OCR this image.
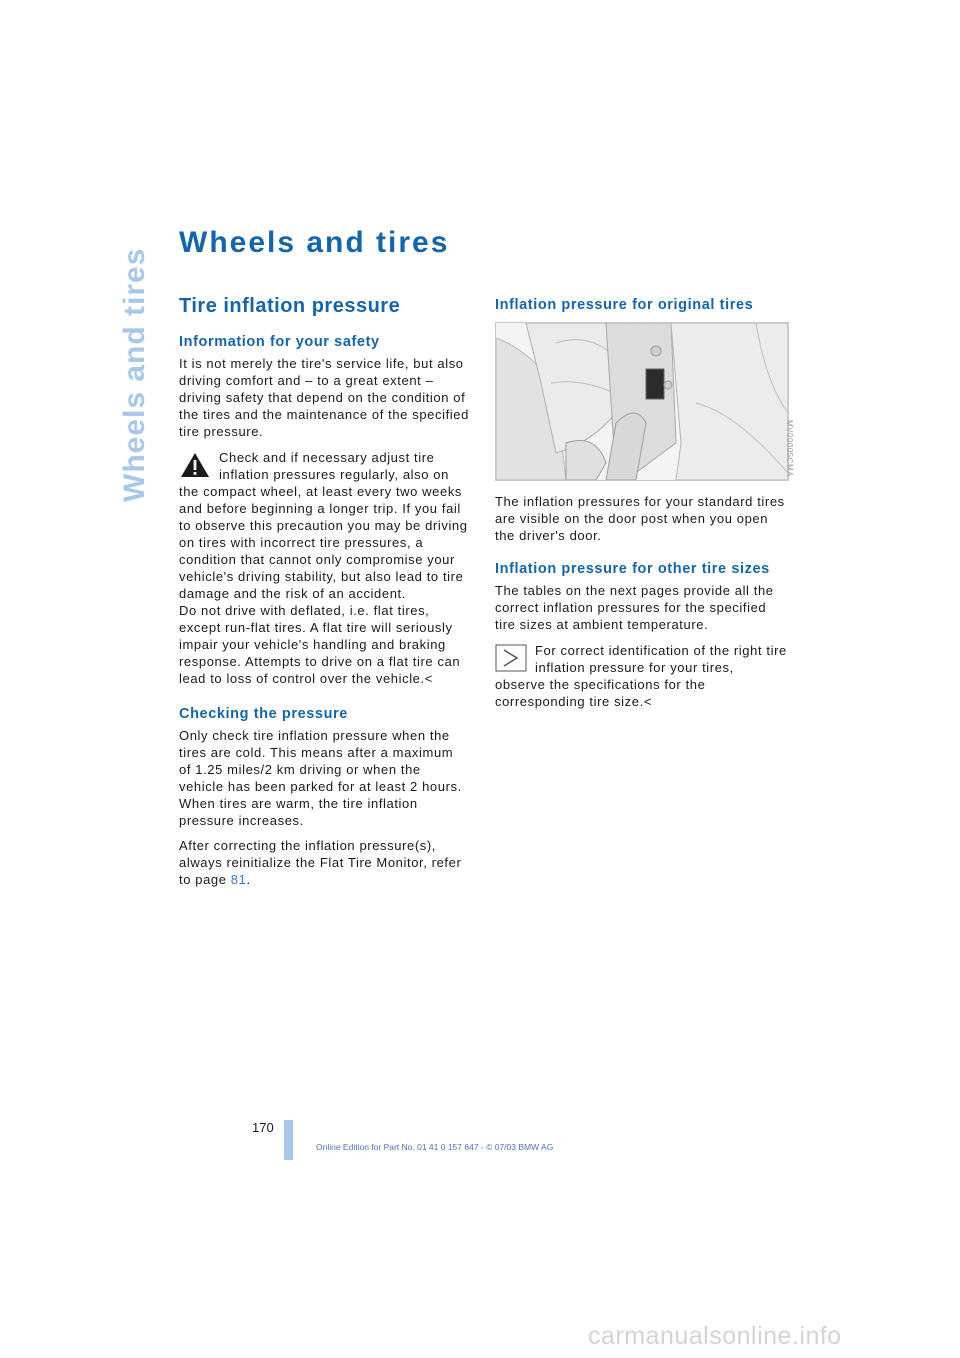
Wheels and tires
Wheels and tires
Tire inflation pressure
Information for your safety

It is not merely the tire's service life, but also driving comfort and – to a great extent – driving safety that depend on the condition of the tires and the maintenance of the specified tire pressure.

Check and if necessary adjust tire inflation pressures regularly, also on the compact wheel, at least every two weeks and before beginning a longer trip. If you fail to observe this precaution you may be driving on tires with incorrect tire pressures, a condition that cannot only compromise your vehicle's driving stability, but also lead to tire damage and the risk of an accident.

Do not drive with deflated, i.e. flat tires, except run-flat tires. A flat tire will seriously impair your vehicle's handling and braking response. Attempts to drive on a flat tire can lead to loss of control over the vehicle.<

Checking the pressure

Only check tire inflation pressure when the tires are cold. This means after a maximum of 1.25 miles/2 km driving or when the vehicle has been parked for at least 2 hours. When tires are warm, the tire inflation pressure increases.

After correcting the inflation pressure(s), always reinitialize the Flat Tire Monitor, refer to page 81.

Inflation pressure for original tires

The inflation pressures for your standard tires are visible on the door post when you open the driver's door.

Inflation pressure for other tire sizes

The tables on the next pages provide all the correct inflation pressures for the specified tire sizes at ambient temperature.

For correct identification of the right tire inflation pressure for your tires, observe the specifications for the corresponding tire size.<

MV00005CMA
170
Online Edition for Part No. 01 41 0 157 647 - © 07/03 BMW AG
carmanualsonline.info
